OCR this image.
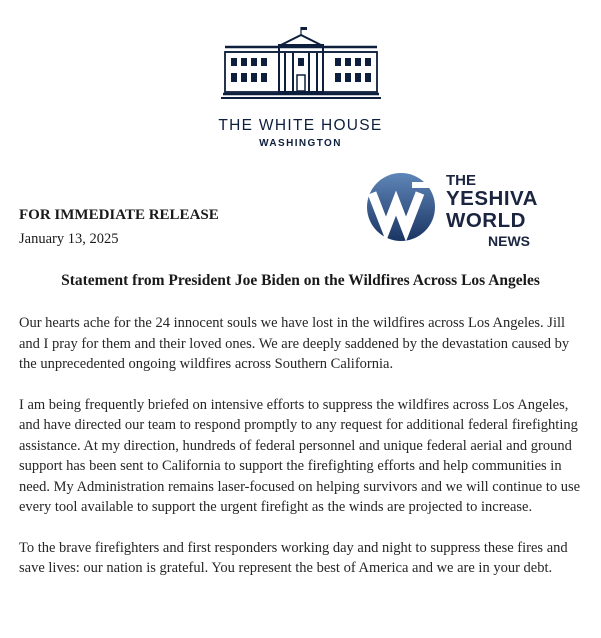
THE WHITE HOUSE
WASHINGTON
THE
YESHIVA
WORLD
NEWS
FOR IMMEDIATE RELEASE
January 13, 2025
Statement from President Joe Biden on the Wildfires Across Los Angeles

Our hearts ache for the 24 innocent souls we have lost in the wildfires across Los Angeles. Jill and I pray for them and their loved ones. We are deeply saddened by the devastation caused by the unprecedented ongoing wildfires across Southern California.

I am being frequently briefed on intensive efforts to suppress the wildfires across Los Angeles, and have directed our team to respond promptly to any request for additional federal firefighting assistance. At my direction, hundreds of federal personnel and unique federal aerial and ground support has been sent to California to support the firefighting efforts and help communities in need. My Administration remains laser-focused on helping survivors and we will continue to use every tool available to support the urgent firefight as the winds are projected to increase.

To the brave firefighters and first responders working day and night to suppress these fires and save lives: our nation is grateful. You represent the best of America and we are in your debt.
